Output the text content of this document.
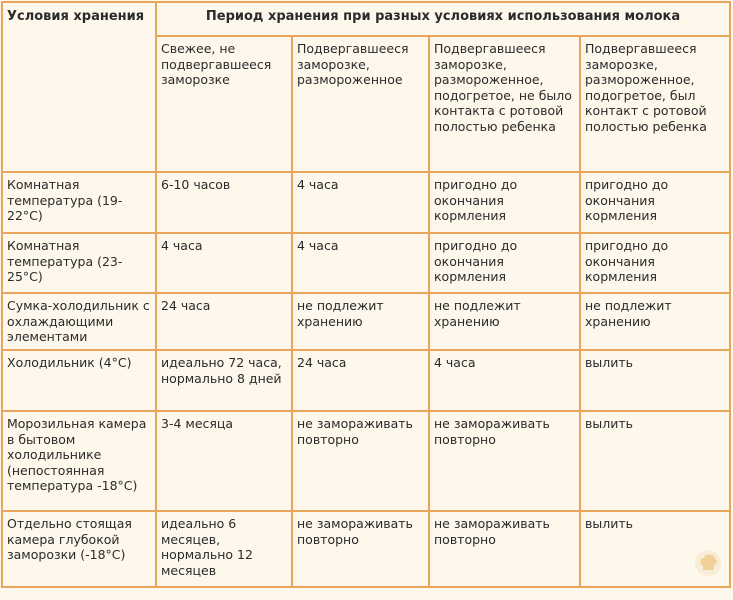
Условия хранения	Период хранения при разных условиях использования молока			
	Свежее, не подвергавшееся заморозке	Подвергавшееся заморозке, размороженное	Подвергавшееся заморозке, размороженное, подогретое, не было контакта с ротовой полостью ребенка	Подвергавшееся заморозке, размороженное, подогретое, был контакт с ротовой полостью ребенка
Комнатная температура (19-22°С)	6-10 часов	4 часа	пригодно до окончания кормления	пригодно до окончания кормления
Комнатная температура (23-25°С)	4 часа	4 часа	пригодно до окончания кормления	пригодно до окончания кормления
Сумка-холодильник с охлаждающими элементами	24 часа	не подлежит хранению	не подлежит хранению	не подлежит хранению
Холодильник (4°С)	идеально 72 часа, нормально 8 дней	24 часа	4 часа	вылить
Морозильная камера в бытовом холодильнике (непостоянная температура -18°С)	3-4 месяца	не замораживать повторно	не замораживать повторно	вылить
Отдельно стоящая камера глубокой заморозки (-18°С)	идеально 6 месяцев, нормально 12 месяцев	не замораживать повторно	не замораживать повторно	вылить
